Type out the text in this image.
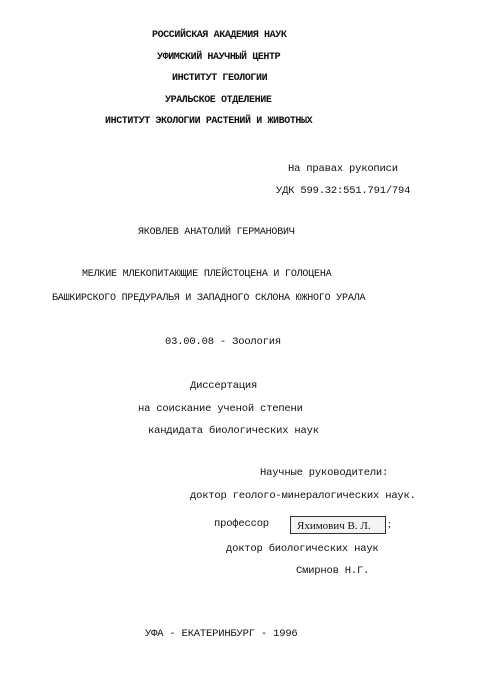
РОССИЙСКАЯ АКАДЕМИЯ НАУК
УФИМСКИЙ НАУЧНЫЙ ЦЕНТР
ИНСТИТУТ ГЕОЛОГИИ
УРАЛЬСКОЕ ОТДЕЛЕНИЕ
ИНСТИТУТ ЭКОЛОГИИ РАСТЕНИЙ И ЖИВОТНЫХ
На правах рукописи
УДК 599.32:551.791/794
ЯКОВЛЕВ АНАТОЛИЙ ГЕРМАНОВИЧ
МЕЛКИЕ МЛЕКОПИТАЮЩИЕ ПЛЕЙСТОЦЕНА И ГОЛОЦЕНА
БАШКИРСКОГО ПРЕДУРАЛЬЯ И ЗАПАДНОГО СКЛОНА ЮЖНОГО УРАЛА
03.00.08 - Зоология
Диссертация
на соискание ученой степени
кандидата биологических наук
Научные руководители:
доктор геолого-минералогических наук.
профессор	Яхимович В. Л.	;
доктор биологических наук
Смирнов Н.Г.
УФА - ЕКАТЕРИНБУРГ - 1996
